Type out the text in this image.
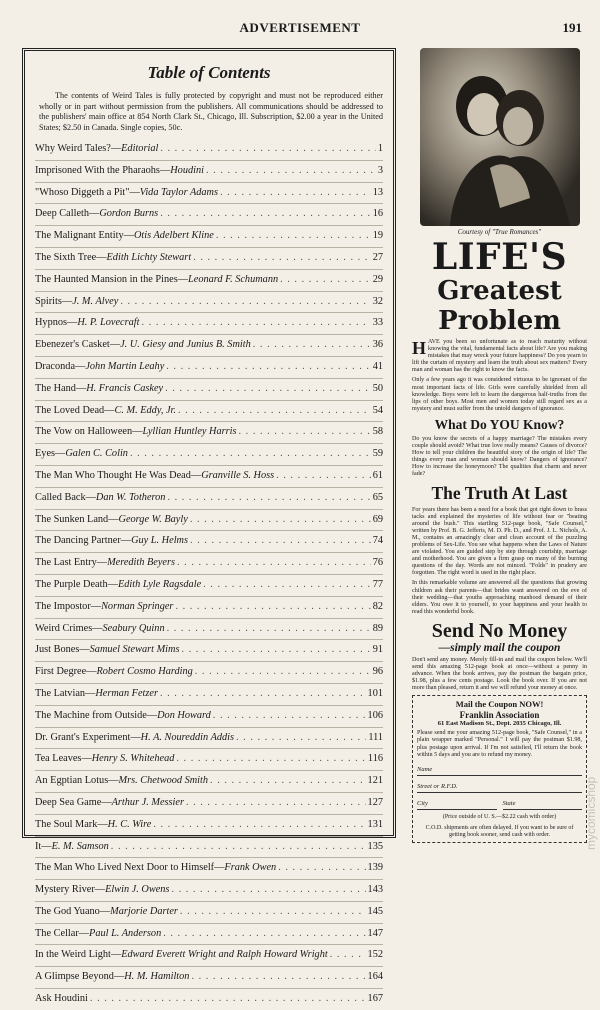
ADVERTISEMENT	191
Table of Contents

The contents of Weird Tales is fully protected by copyright and must not be reproduced either wholly or in part without permission from the publishers. All communications should be addressed to the publishers' main office at 854 North Clark St., Chicago, Ill. Subscription, $2.00 a year in the United States; $2.50 in Canada. Single copies, 50c.

Why Weird Tales?— Editorial . . .	1
Imprisoned With the Pharaohs— Houdini . . .	3
"Whoso Diggeth a Pit"— Vida Taylor Adams . . .	13
Deep Calleth— Gordon Burns . . .	16
The Malignant Entity— Otis Adelbert Kline . . .	19
The Sixth Tree— Edith Lichty Stewart . . .	27
The Haunted Mansion in the Pines— Leonard F. Schumann . . .	29
Spirits— J. M. Alvey . . .	32
Hypnos— H. P. Lovecraft . . .	33
Ebenezer's Casket— J. U. Giesy and Junius B. Smith . . .	36
Draconda— John Martin Leahy . . .	41
The Hand— H. Francis Caskey . . .	50
The Loved Dead— C. M. Eddy, Jr. . . .	54
The Vow on Halloween— Lyllian Huntley Harris . . .	58
Eyes— Galen C. Colin . . .	59
The Man Who Thought He Was Dead— Granville S. Hoss . . .	61
Called Back— Dan W. Totheron . . .	65
The Sunken Land— George W. Bayly . . .	69
The Dancing Partner— Guy L. Helms . . .	74
The Last Entry— Meredith Beyers . . .	76
The Purple Death— Edith Lyle Ragsdale . . .	77
The Impostor— Norman Springer . . .	82
Weird Crimes— Seabury Quinn . . .	89
Just Bones— Samuel Stewart Mims . . .	91
First Degree— Robert Cosmo Harding . . .	96
The Latvian— Herman Fetzer . . .	101
The Machine from Outside— Don Howard . . .	106
Dr. Grant's Experiment— H. A. Noureddin Addis . . .	111
Tea Leaves— Henry S. Whitehead . . .	116
An Egptian Lotus— Mrs. Chetwood Smith . . .	121
Deep Sea Game— Arthur J. Messier . . .	127
The Soul Mark— H. C. Wire . . .	131
It— E. M. Samson . . .	135
The Man Who Lived Next Door to Himself— Frank Owen . . .	139
Mystery River— Elwin J. Owens . . .	143
The God Yuano— Marjorie Darter . . .	145
The Cellar— Paul L. Anderson . . .	147
In the Weird Light— Edward Everett Wright and Ralph Howard Wright . . .	152
A Glimpse Beyond— H. M. Hamilton . . .	164
Ask Houdini . . .	167
Courtesy of "True Romances"
LIFE'S
Greatest
Problem

HAVE you been so unfortunate as to reach maturity without knowing the vital, fundamental facts about life? Are you making mistakes that may wreck your future happiness? Do you yearn to lift the curtain of mystery and learn the truth about sex matters? Every man and woman has the right to know the facts.

Only a few years ago it was considered virtuous to be ignorant of the most important facts of life. Girls were carefully shielded from all knowledge. Boys were left to learn the dangerous half-truths from the lips of other boys. Most men and women today still regard sex as a mystery and must suffer from the untold dangers of ignorance.

What Do YOU Know?

Do you know the secrets of a happy marriage? The mistakes every couple should avoid? What true love really means? Causes of divorce? How to tell your children the beautiful story of the origin of life? The things every man and woman should know? Dangers of ignorance? How to increase the honeymoon? The qualities that charm and never fade?

The Truth At Last

For years there has been a need for a book that got right down to brass tacks and explained the mysteries of life without fear or "beating around the bush." This startling 512-page book, "Safe Counsel," written by Prof. B. G. Jefferis, M. D. Ph. D., and Prof. J. L. Nichols, A. M., contains an amazingly clear and clean account of the puzzling problems of Sex-Life. You see what happens when the Laws of Nature are violated. You are guided step by step through courtship, marriage and motherhood. You are given a firm grasp on many of the burning questions of the day. Words are not minced. "Folds" in prudery are forgotten. The right word is used in the right place.

In this remarkable volume are answered all the questions that growing children ask their parents—that brides want answered on the eve of their wedding—that youths approaching manhood demand of their elders. You owe it to yourself, to your happiness and your health to read this wonderful book.

Send No Money
—simply mail the coupon

Don't send any money. Merely fill-in and mail the coupon below. We'll send this amazing 512-page book at once—without a penny in advance. When the book arrives, pay the postman the bargain price, $1.98, plus a few cents postage. Look the book over. If you are not more than pleased, return it and we will refund your money at once.

Mail the Coupon NOW!
Franklin Association
61 East Madison St., Dept. 2035 Chicago, Ill.

Please send me your amazing 512-page book, "Safe Counsel," in a plain wrapper marked "Personal." I will pay the postman $1.98, plus postage upon arrival. If I'm not satisfied, I'll return the book within 5 days and you are to refund my money.

Name
Street or R.F.D.
City	State
(Price outside of U. S.—$2.22 cash with order)
C.O.D. shipments are often delayed. If you want to be sure of getting book sooner, send cash with order.	mycomicshop
